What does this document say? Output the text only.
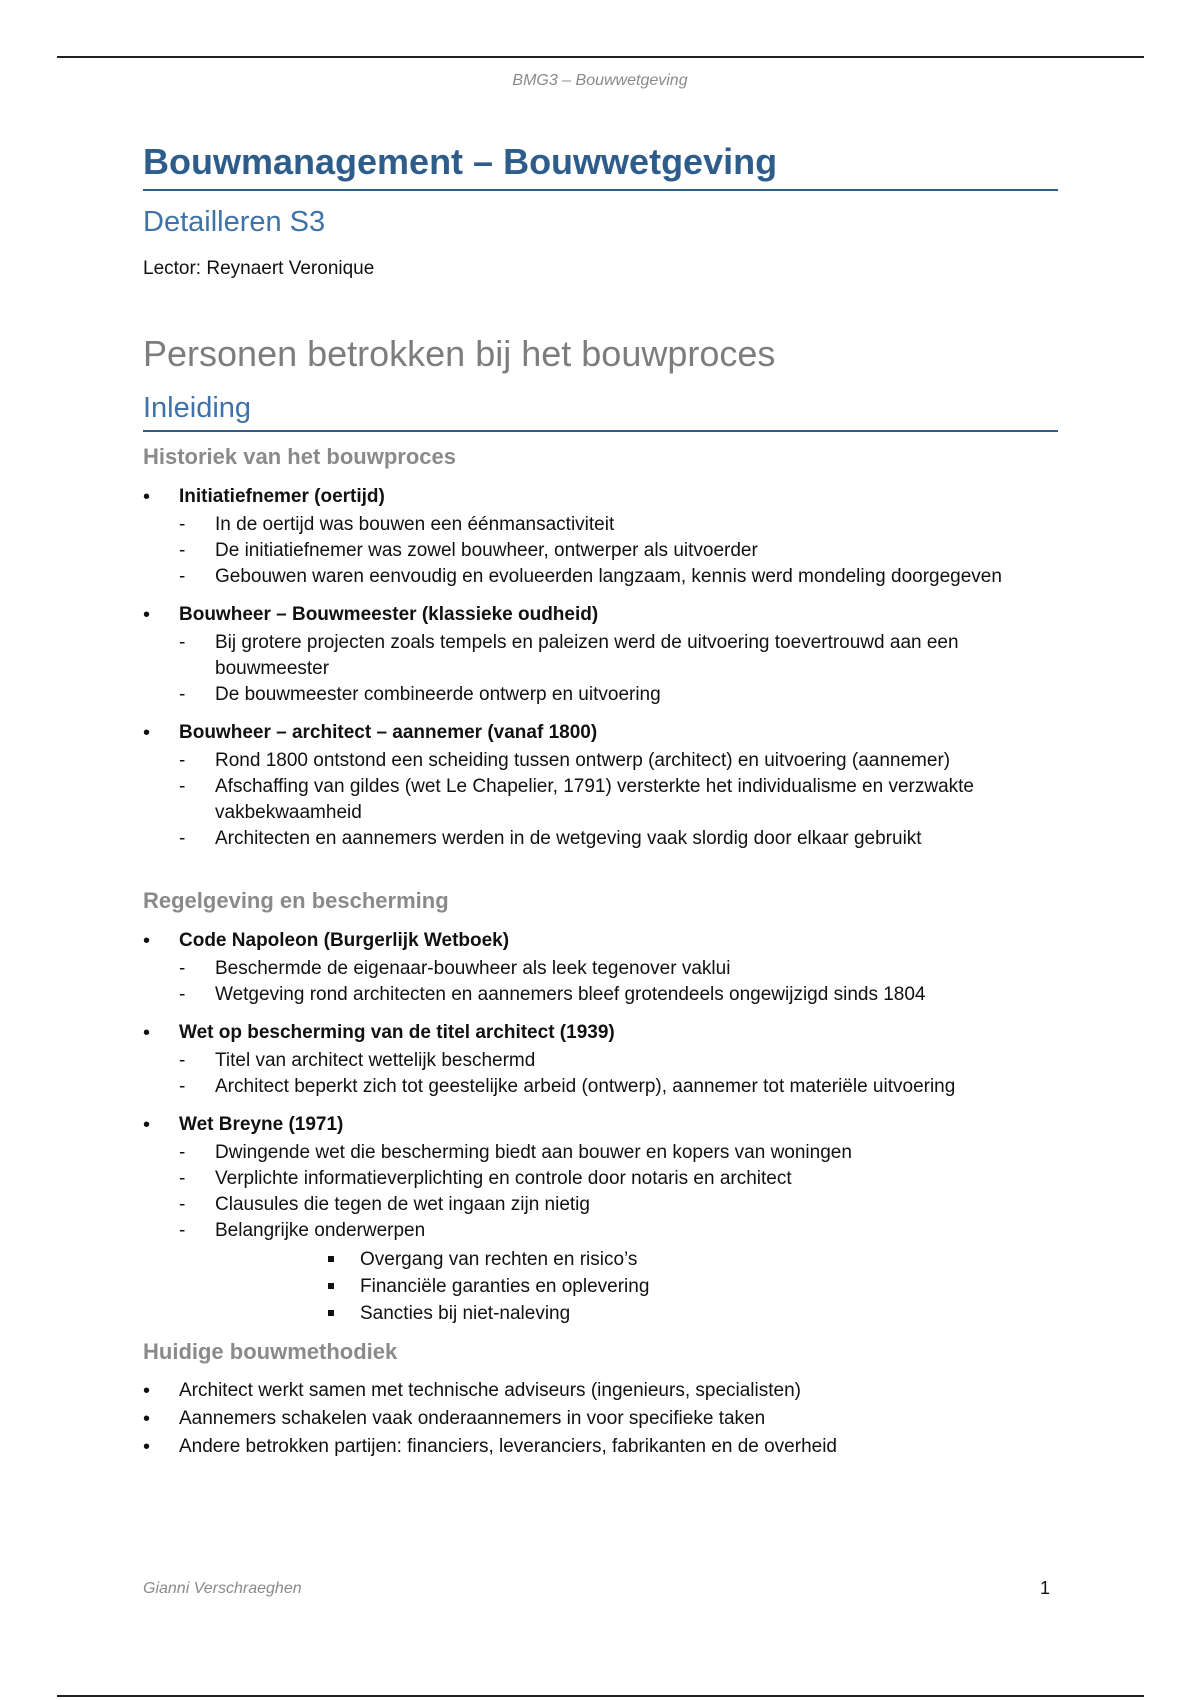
BMG3 – Bouwwetgeving
Bouwmanagement – Bouwwetgeving
Detailleren S3

Lector: Reynaert Veronique

Personen betrokken bij het bouwproces
Inleiding
Historiek van het bouwproces
• Initiatiefnemer (oertijd)
- In de oertijd was bouwen een éénmansactiviteit
- De initiatiefnemer was zowel bouwheer, ontwerper als uitvoerder
- Gebouwen waren eenvoudig en evolueerden langzaam, kennis werd mondeling doorgegeven
• Bouwheer – Bouwmeester (klassieke oudheid)
- Bij grotere projecten zoals tempels en paleizen werd de uitvoering toevertrouwd aan een bouwmeester
- De bouwmeester combineerde ontwerp en uitvoering
• Bouwheer – architect – aannemer (vanaf 1800)
- Rond 1800 ontstond een scheiding tussen ontwerp (architect) en uitvoering (aannemer)
- Afschaffing van gildes (wet Le Chapelier, 1791) versterkte het individualisme en verzwakte vakbekwaamheid
- Architecten en aannemers werden in de wetgeving vaak slordig door elkaar gebruikt
Regelgeving en bescherming
• Code Napoleon (Burgerlijk Wetboek)
- Beschermde de eigenaar-bouwheer als leek tegenover vaklui
- Wetgeving rond architecten en aannemers bleef grotendeels ongewijzigd sinds 1804
• Wet op bescherming van de titel architect (1939)
- Titel van architect wettelijk beschermd
- Architect beperkt zich tot geestelijke arbeid (ontwerp), aannemer tot materiële uitvoering
• Wet Breyne (1971)
- Dwingende wet die bescherming biedt aan bouwer en kopers van woningen
- Verplichte informatieverplichting en controle door notaris en architect
- Clausules die tegen de wet ingaan zijn nietig
- Belangrijke onderwerpen
Overgang van rechten en risico’s
Financiële garanties en oplevering
Sancties bij niet-naleving
Huidige bouwmethodiek
• Architect werkt samen met technische adviseurs (ingenieurs, specialisten)
• Aannemers schakelen vaak onderaannemers in voor specifieke taken
• Andere betrokken partijen: financiers, leveranciers, fabrikanten en de overheid
Gianni Verschraeghen	1
